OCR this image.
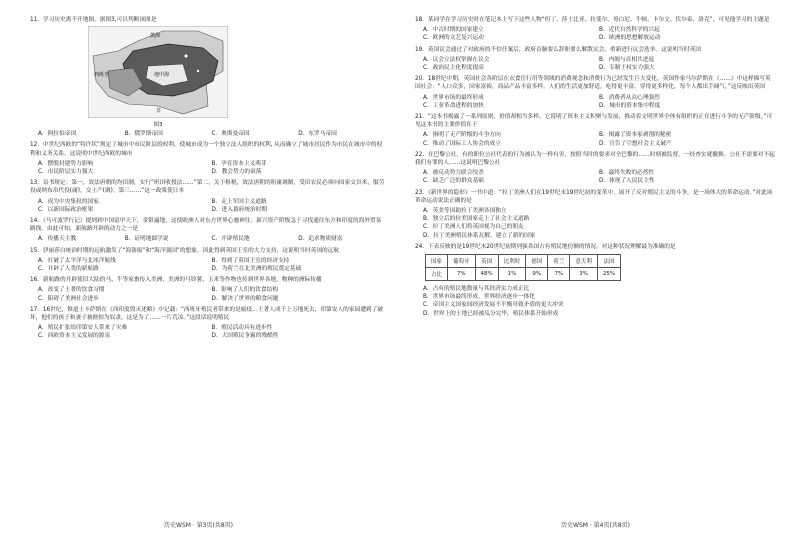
11．学习历史离不开地图，据图3,可以判断该图是
黑海
西班牙	地中海
非
图3
A．阿拉伯帝国	B．俄罗斯帝国	C．奥斯曼帝国	D．东罗马帝国
12．中世纪西欧的“特许状”规定了城市中市民阶层的权利，使城市成为一个独立法人组织的权利, 从而确立了城市居民作为市民在城市中的权利和义务关系。这说明中世纪西欧的城市
A．摆脱封建势力影响	B．孕育资本主义萌芽
C．市民阶层实力强大	D．教会势力的衰落
13．诏书规定：第一，效法唐朝的均田制，实行“班田收授法……”第二，关于租税，效法唐朝的租庸调制，受田农民必须向国家交谷米，服劳役或纳布帛代役(庸)，交土产(调)。第三……”这一政策使日本
A．成为中央集权的国家	B．走上军国主义道路
C．以新国际政治框架	D．进入幕府统治时期
14．《马可波罗行记》提到到中国富甲天下，金银遍地，这使欧洲人对东方世界心驰神往。新兴资产阶级急于寻找通往东方和印度的海外贸易路线。由此可知，新航路开辟的动力之一是
A．传播天主教	B．证明地圆学说	C．开辟殖民地	D．追求物质财富
15．伊丽莎白统治时期的远航激发了“海盗船”和“海洋强国”的想象，因此得到英国王室的大力支持，这说明当时英国的远航
A．打破了太平洋与北冰洋航线	B．得到了英国王室的经济支持
C．开辟了人类的新航路	D．为荷兰在北美洲的殖民奠定基础
16．新航路的开辟使旧大陆的马、牛等家畜传入美洲，美洲的马铃薯、玉米等作物也传到世界各地，物种的洲际传播
A．改变了土著的饮食习惯	B．影响了人们的饮食结构
C．阻碍了美洲社会进步	D．解决了世界的粮食问题
17．16世纪，修道士卡萨斯在《西印度毁灭述略》中记载：“西班牙殖民者带来的是瘟疫…土著人成千上万地死去，印第安人的家园遭到了破坏，他们的孩子和妻子被掳掠为奴隶，这是为了……一片荒凉。”这段话说明殖民
A．殖民扩张给印第安人带来了灾难	B．殖民活动具有进步性
C．西欧资本主义发展的源泉	D．大国殖民争霸的残酷性
历史WSM · 第3页(共8页)
18．某同学在学习历史时在笔记本上写下这些人物“但丁、莎士比亚、拉斐尔、哥白尼、牛顿、卡尔文、伏尔泰、洛克”，可见他学习的主题是
A．中古时期的国家建立	B．近代自然科学的兴起
C．欧洲的文艺复兴运动	D．欧洲的思想解放运动
19．英国议会通过了对政府的不信任案后，政府首脑要么辞职要么解散议会，重新进行议会选举。这说明当时英国
A．议会立法权掌握在议会	B．内阁与首相共进退
C．政治民主化程度提高	D．专制王权实力强大
20．18世纪中期，英国社会各阶层在衣食住行用等领域的消费观念和消费行为已经发生巨大变化。英国作家马尔萨斯在《……》中这样描写英国社会：“人口众多，国家富裕，商品产品丰富多样，人们的生活更加舒适，吃得更丰富、穿得更多样化，每个人都出手阔气。”这反映出英国
A．世界市场的最终形成	B．消费者从众心理强烈
C．工业革命进程的加快	D．城市的资本集中程度
21．“这本书揭露了一系列原则，价值却相当多样。它说明了资本主义积聚与发展，推动着文明世界全体有组织的正在进行斗争的无产阶级。”可见这本书的主要价值在于
A．指明了无产阶级的斗争方向	B．揭露了资本家剥削的秘密
C．推动了国际工人协会的成立	D．宣告了空想社会主义破产
22．在巴黎公社，有的职位公社代表的行为被认为一样有害，按照当时的要求对全巴黎的……时刻被监督，一经查实就撤换。公社不需要对不起我们有罪的人……这说明巴黎公社
A．被反动势力联合绞杀	B．最终失败的必然性
C．缺乏广泛的群众基础	D．体现了人民民主性
23．《新世界的隐形》一书中道：“拉丁美洲人们在19世纪末19世纪初的变革中，展开了反对殖民主义的斗争，是一场体大的革命运动。”对此场革命运动说法正确的是
A．英美等国助拉丁美洲各国独立
B．独立后的拉美国家走上了社会主义道路
C．拉丁美洲人们将英国视为自己的朋友
D．拉丁美洲殖民体系瓦解，建立了新的国家
24．下表反映的是19世纪末20世纪初期列强各国占有殖民地份额的情况。对这种状况理解最为准确的是
国家	葡萄牙	英国	比利时	德国	荷兰	意大利	法国
占比	7%	48%	1%	9%	7%	3%	25%
A．占有的殖民地数量与其经济实力成正比
B．世界市场最终形成，世界经济逐步一体化
C．帝国主义国家间经济发展不平衡导致矛盾的更大冲突
D．世界上的土地已经被瓜分完毕，殖民体系开始形成
历史WSM · 第4页(共8页)
